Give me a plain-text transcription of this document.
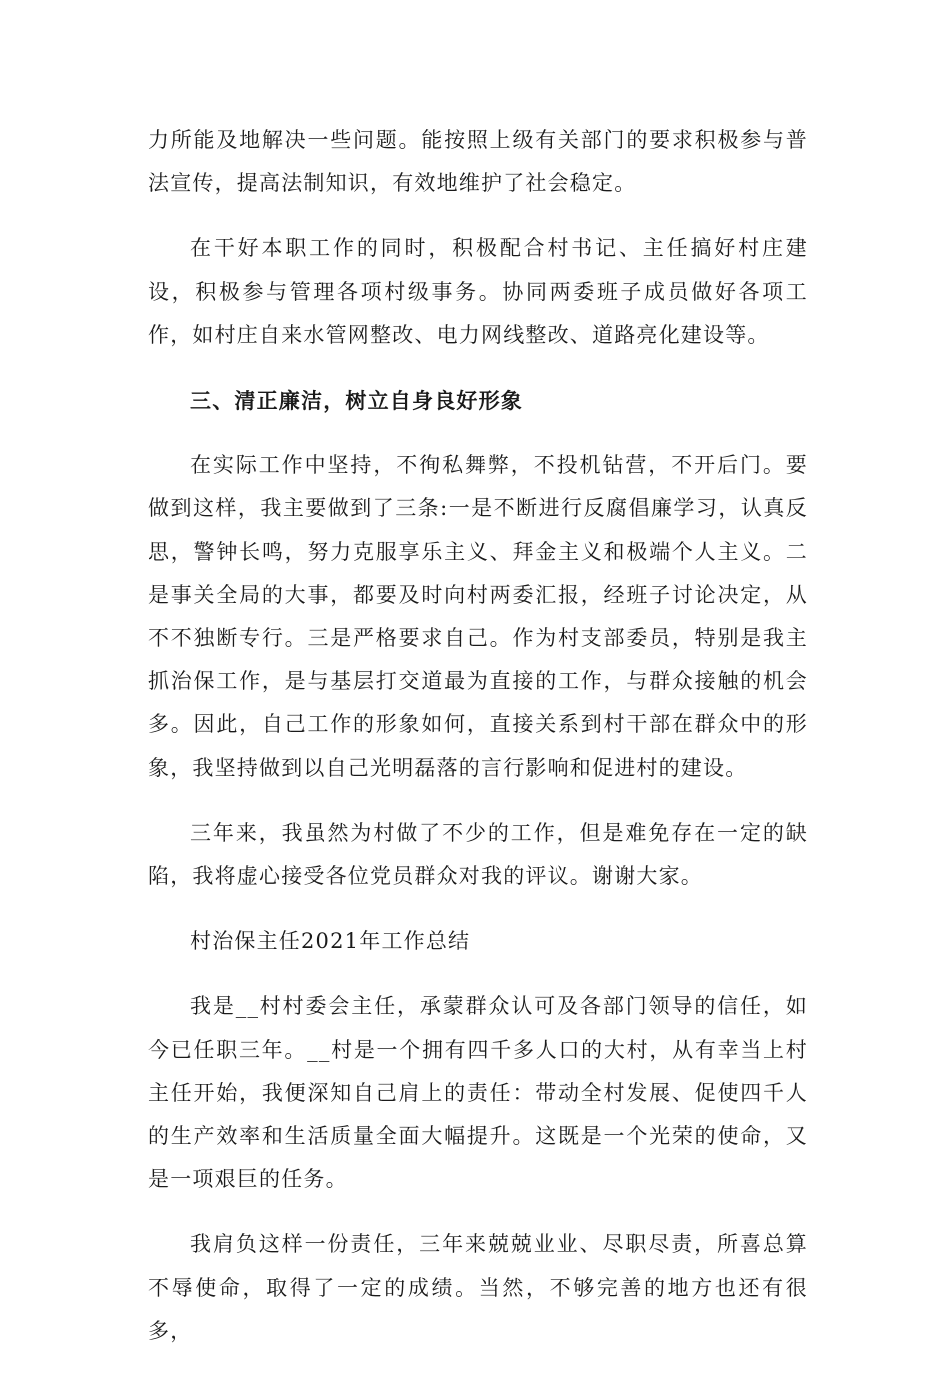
力所能及地解决一些问题。能按照上级有关部门的要求积极参与普法宣传，提高法制知识，有效地维护了社会稳定。

在干好本职工作的同时，积极配合村书记、主任搞好村庄建设，积极参与管理各项村级事务。协同两委班子成员做好各项工作，如村庄自来水管网整改、电力网线整改、道路亮化建设等。

三、清正廉洁，树立自身良好形象

在实际工作中坚持，不徇私舞弊，不投机钻营，不开后门。要做到这样，我主要做到了三条:一是不断进行反腐倡廉学习，认真反思，警钟长鸣，努力克服享乐主义、拜金主义和极端个人主义。二是事关全局的大事，都要及时向村两委汇报，经班子讨论决定，从不不独断专行。三是严格要求自己。作为村支部委员，特别是我主抓治保工作，是与基层打交道最为直接的工作，与群众接触的机会多。因此，自己工作的形象如何，直接关系到村干部在群众中的形象，我坚持做到以自己光明磊落的言行影响和促进村的建设。

三年来，我虽然为村做了不少的工作，但是难免存在一定的缺陷，我将虚心接受各位党员群众对我的评议。谢谢大家。

村治保主任2021年工作总结

我是__村村委会主任，承蒙群众认可及各部门领导的信任，如今已任职三年。__村是一个拥有四千多人口的大村，从有幸当上村主任开始，我便深知自己肩上的责任：带动全村发展、促使四千人的生产效率和生活质量全面大幅提升。这既是一个光荣的使命，又是一项艰巨的任务。

我肩负这样一份责任，三年来兢兢业业、尽职尽责，所喜总算不辱使命，取得了一定的成绩。当然，不够完善的地方也还有很多，
